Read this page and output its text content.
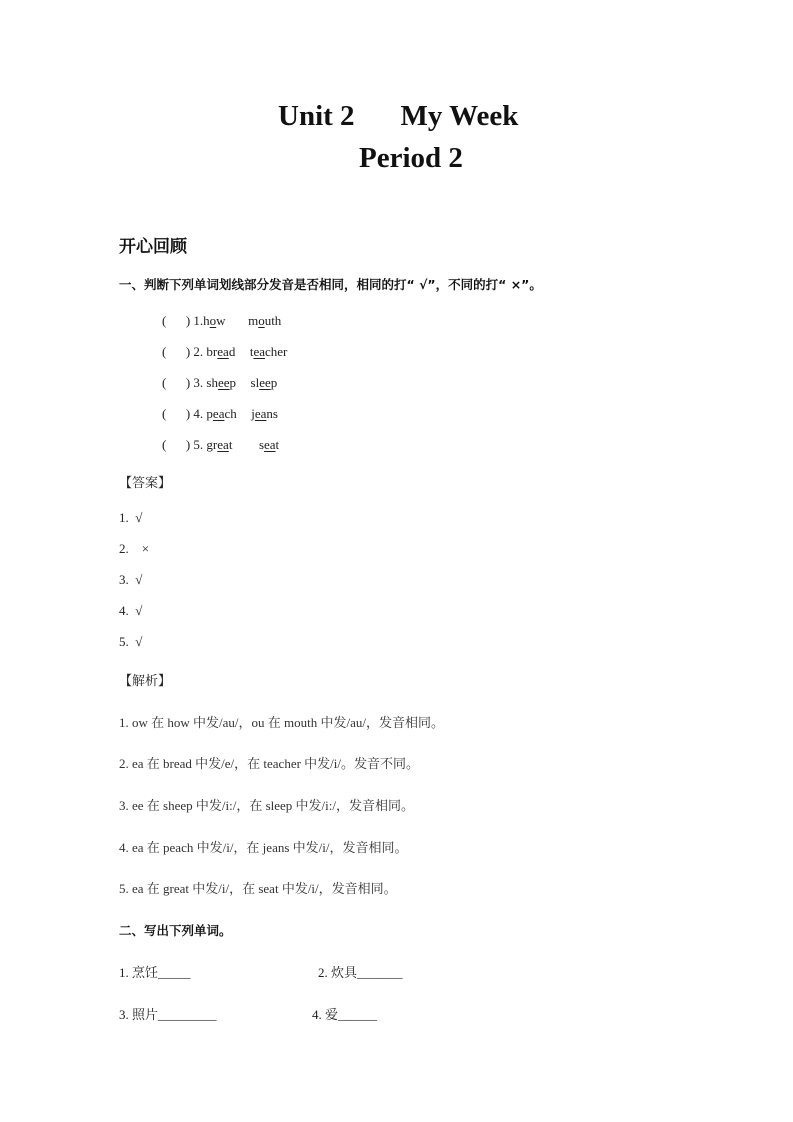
Unit 2 My Week
Period 2
开心回顾
一、判断下列单词划线部分发音是否相同，相同的打“ √”，不同的打“ ×”。
(      ) 1.how mouth
(      ) 2. bread teacher
(      ) 3. sheep sleep
(      ) 4. peach jeans
(      ) 5. great seat
【答案】
1.  √
2.    ×
3.  √
4.  √
5.  √
【解析】
1. ow 在 how 中发/au/，ou 在 mouth 中发/au/，发音相同。
2. ea 在 bread 中发/e/，在 teacher 中发/i/。发音不同。
3. ee 在 sheep 中发/i:/，在 sleep 中发/i:/，发音相同。
4. ea 在 peach 中发/i/，在 jeans 中发/i/，发音相同。
5. ea 在 great 中发/i/，在 seat 中发/i/，发音相同。
二、写出下列单词。
1. 烹饪_____	2. 炊具_______
3. 照片_________	4. 爱______
